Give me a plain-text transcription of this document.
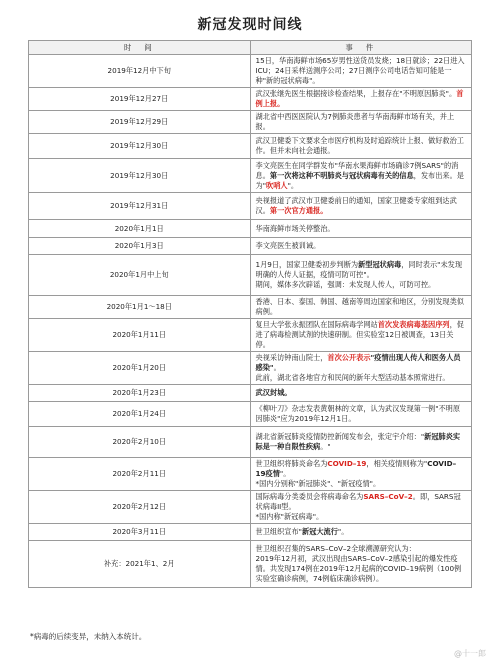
新冠发现时间线
时　间	事　件
2019年12月中下旬	15日，华南海鲜市场65岁男性送货员发烧；18日就诊；22日进入ICU；24日采样送测序公司；27日测序公司电话告知可能是一种"新的冠状病毒"。
2019年12月27日	武汉张继先医生根据接诊检查结果，上报存在"不明原因肺炎"。首例上报。
2019年12月29日	湖北省中西医医院认为7例肺炎患者与华南海鲜市场有关，并上报。
2019年12月30日	武汉卫健委下文要求全市医疗机构及时追踪统计上报、做好救治工作。但并未向社会通报。
2019年12月30日	李文亮医生在同学群发布"华南水果海鲜市场确诊7例SARS"的消息。第一次将这种不明肺炎与冠状病毒有关的信息，发布出来。是为"吹哨人"。
2019年12月31日	央视报道了武汉市卫健委前日的通知，国家卫健委专家组到达武汉。第一次官方通报。
2020年1月1日	华南海鲜市场关停整治。
2020年1月3日	李文亮医生被训诫。
2020年1月中上旬	1月9日，国家卫健委初步判断为新型冠状病毒，同时表示"未发现明确的人传人证据，疫情可防可控"。
期间，媒体多次辟谣，强调：未发现人传人，可防可控。
2020年1月1～18日	香港、日本、泰国、韩国、越南等周边国家和地区，分别发现类似病例。
2020年1月11日	复旦大学张永振团队在国际病毒学网站首次发表病毒基因序列，促进了病毒检测试剂的快速研制。但实验室12日被调查，13日关停。
2020年1月20日	央视采访钟南山院士，首次公开表示"疫情出现人传人和医务人员感染"。
此前，湖北省各地官方和民间的新年大型活动基本照常进行。
2020年1月23日	武汉封城。
2020年1月24日	《柳叶刀》杂志发表黄朝林的文章，认为武汉发现第一例"不明原因肺炎"应为2019年12月1日。
2020年2月10日	湖北省新冠肺炎疫情防控新闻发布会，张定宇介绍："新冠肺炎实际是一种自限性疾病。"
2020年2月11日	世卫组织将肺炎命名为COVID–19，相关疫情则称为"COVID–19疫情"。
*国内分别称"新冠肺炎"、"新冠疫情"。
2020年2月12日	国际病毒分类委员会将病毒命名为SARS–CoV–2。即，SARS冠状病毒II型。
*国内称"新冠病毒"。
2020年3月11日	世卫组织宣布"新冠大流行"。
补充：2021年1、2月	世卫组织召集的SARS–CoV–2全球溯源研究认为：
2019年12月初，武汉出现由SARS–CoV–2感染引起的爆发性疫情。共发现174例在2019年12月起病的COVID–19病例（100例实验室确诊病例，74例临床确诊病例）。
*病毒的后续变异，未纳入本统计。
@十一郎
